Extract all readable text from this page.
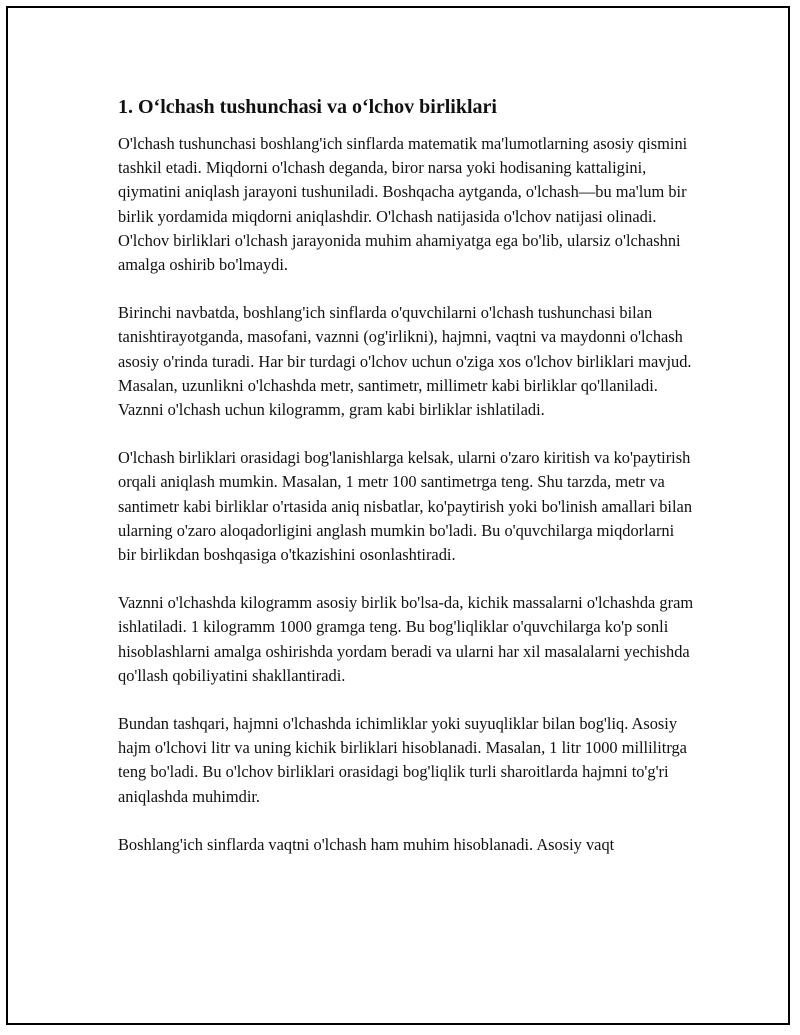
1. O‘lchash tushunchasi va o‘lchov birliklari

O'lchash tushunchasi boshlang'ich sinflarda matematik ma'lumotlarning asosiy qismini tashkil etadi. Miqdorni o'lchash deganda, biror narsa yoki hodisaning kattaligini, qiymatini aniqlash jarayoni tushuniladi. Boshqacha aytganda, o'lchash—bu ma'lum bir birlik yordamida miqdorni aniqlashdir. O'lchash natijasida o'lchov natijasi olinadi. O'lchov birliklari o'lchash jarayonida muhim ahamiyatga ega bo'lib, ularsiz o'lchashni amalga oshirib bo'lmaydi.

Birinchi navbatda, boshlang'ich sinflarda o'quvchilarni o'lchash tushunchasi bilan tanishtirayotganda, masofani, vaznni (og'irlikni), hajmni, vaqtni va maydonni o'lchash asosiy o'rinda turadi. Har bir turdagi o'lchov uchun o'ziga xos o'lchov birliklari mavjud. Masalan, uzunlikni o'lchashda metr, santimetr, millimetr kabi birliklar qo'llaniladi. Vaznni o'lchash uchun kilogramm, gram kabi birliklar ishlatiladi.

O'lchash birliklari orasidagi bog'lanishlarga kelsak, ularni o'zaro kiritish va ko'paytirish orqali aniqlash mumkin. Masalan, 1 metr 100 santimetrga teng. Shu tarzda, metr va santimetr kabi birliklar o'rtasida aniq nisbatlar, ko'paytirish yoki bo'linish amallari bilan ularning o'zaro aloqadorligini anglash mumkin bo'ladi. Bu o'quvchilarga miqdorlarni bir birlikdan boshqasiga o'tkazishini osonlashtiradi.

Vaznni o'lchashda kilogramm asosiy birlik bo'lsa-da, kichik massalarni o'lchashda gram ishlatiladi. 1 kilogramm 1000 gramga teng. Bu bog'liqliklar o'quvchilarga ko'p sonli hisoblashlarni amalga oshirishda yordam beradi va ularni har xil masalalarni yechishda qo'llash qobiliyatini shakllantiradi.

Bundan tashqari, hajmni o'lchashda ichimliklar yoki suyuqliklar bilan bog'liq. Asosiy hajm o'lchovi litr va uning kichik birliklari hisoblanadi. Masalan, 1 litr 1000 millilitrga teng bo'ladi. Bu o'lchov birliklari orasidagi bog'liqlik turli sharoitlarda hajmni to'g'ri aniqlashda muhimdir.

Boshlang'ich sinflarda vaqtni o'lchash ham muhim hisoblanadi. Asosiy vaqt
